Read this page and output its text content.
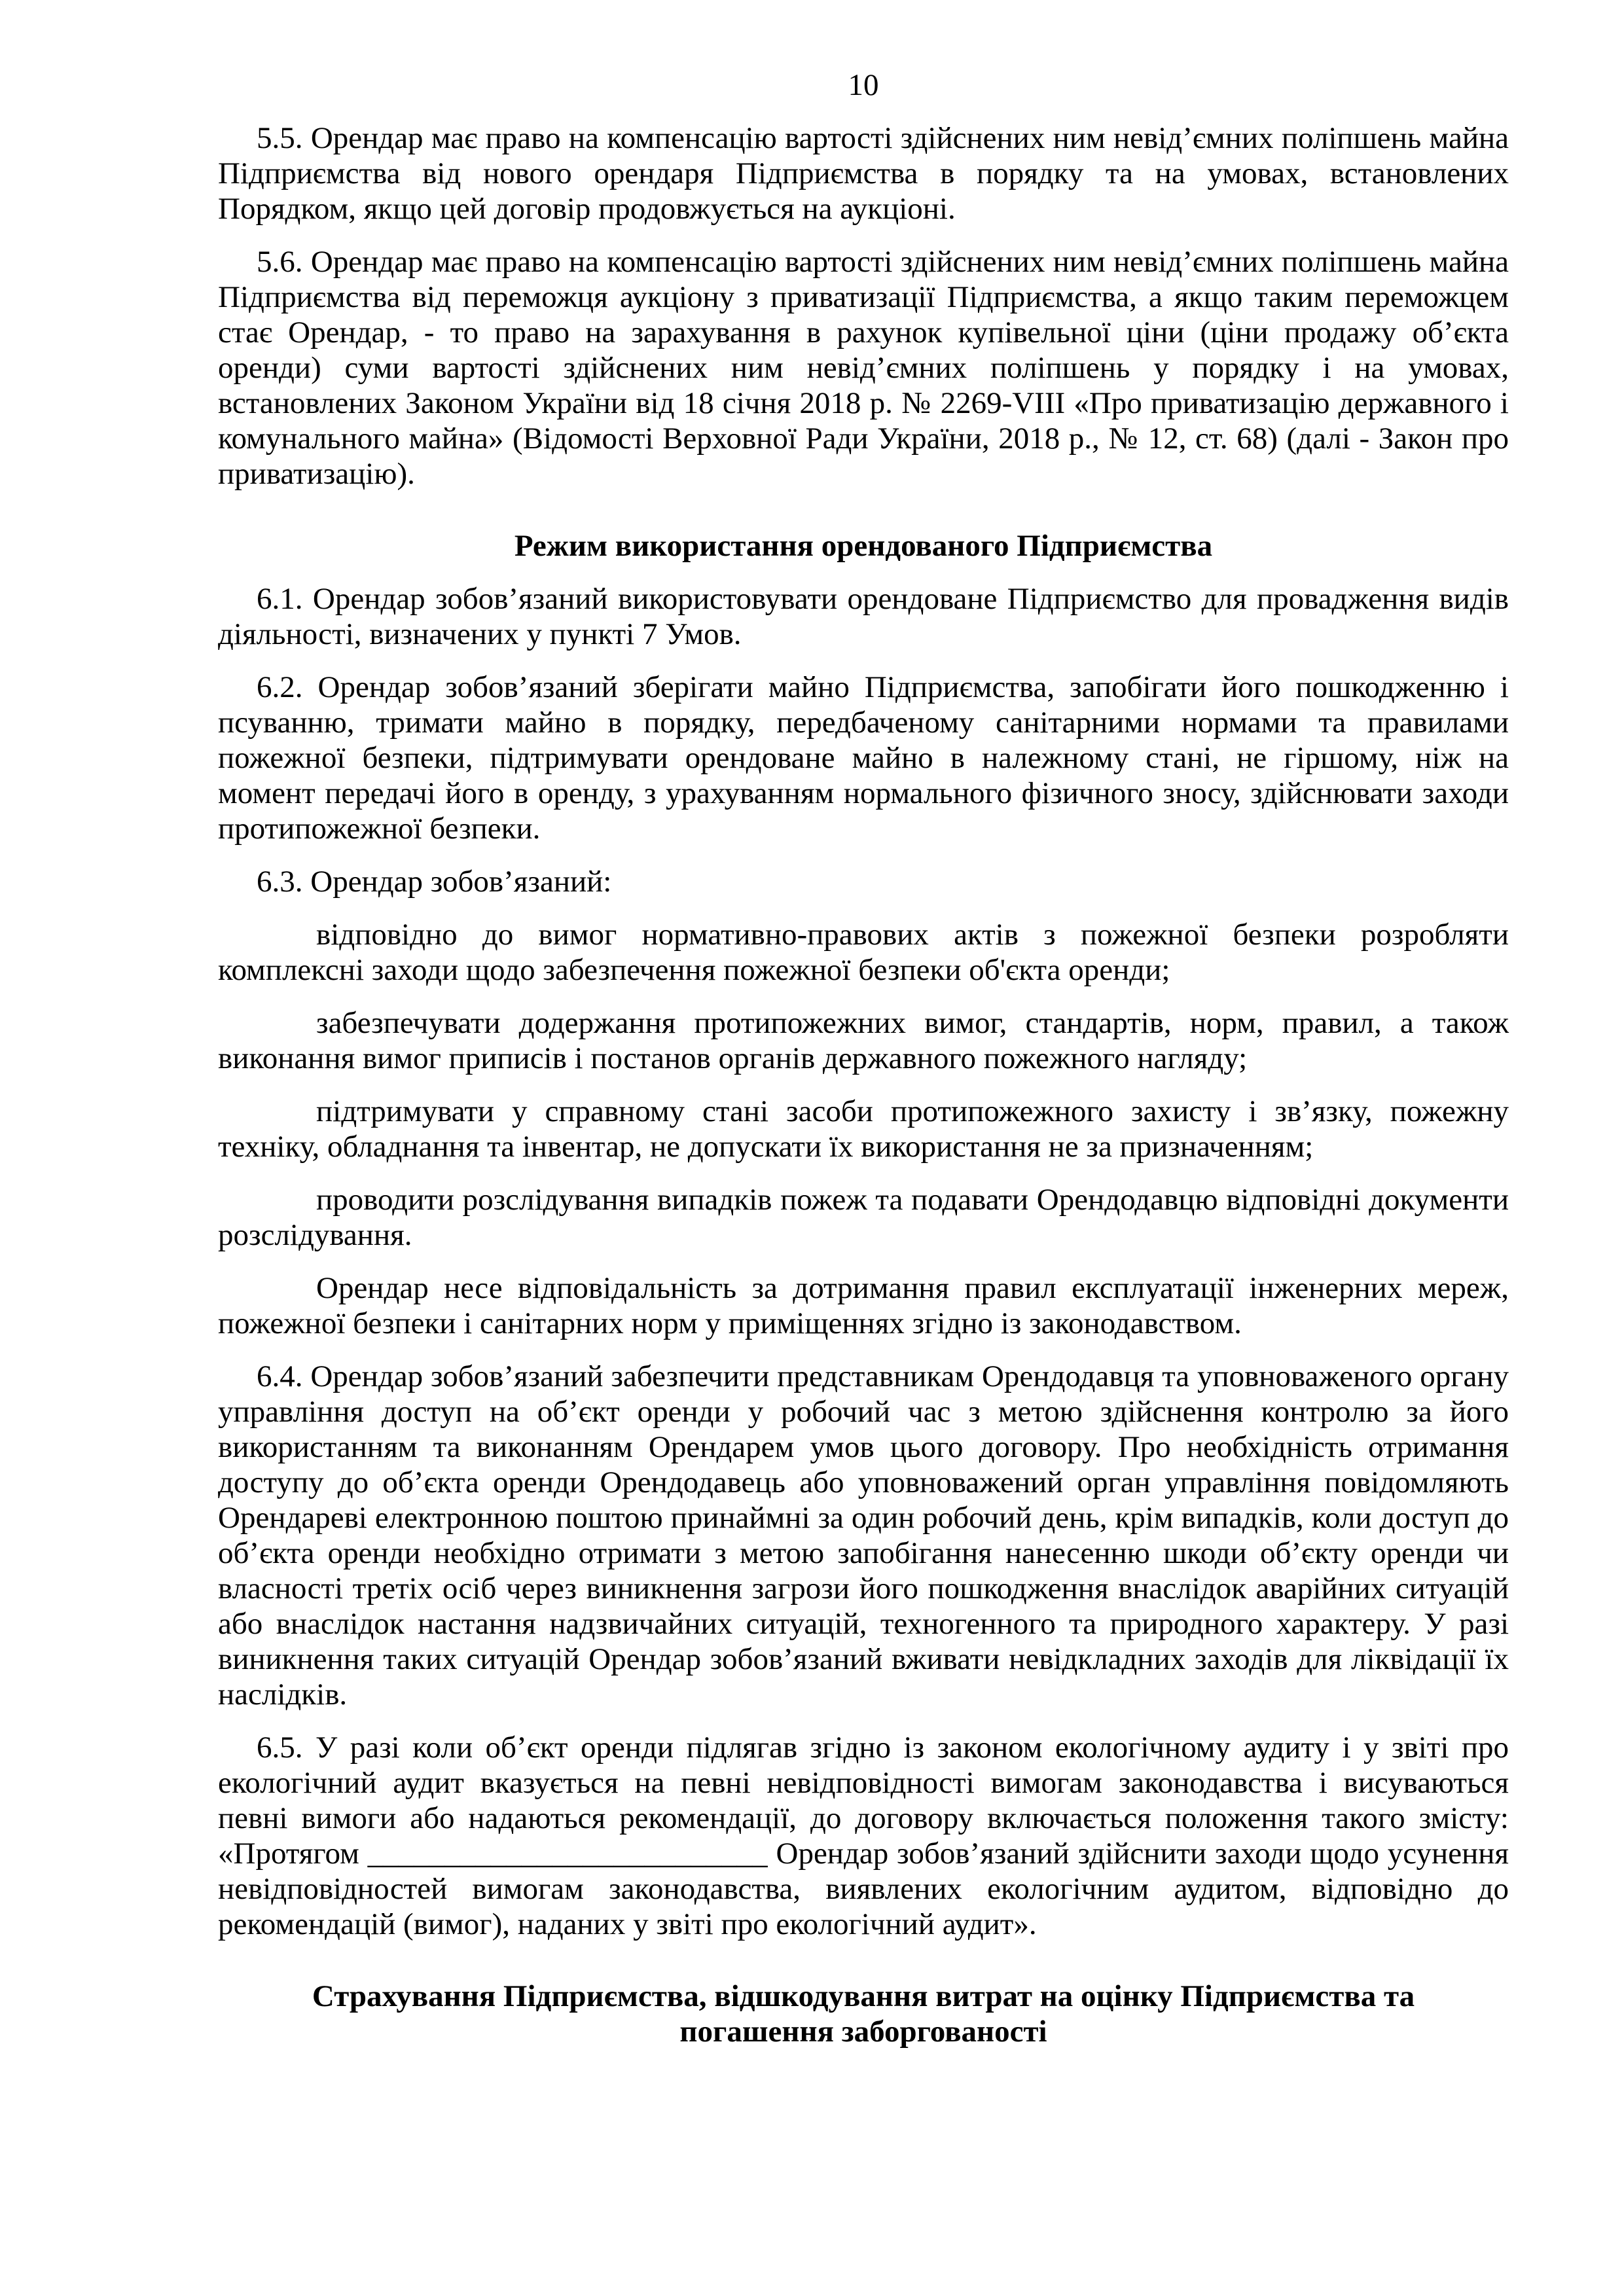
10

5.5. Орендар має право на компенсацію вартості здійснених ним невід’ємних поліпшень майна Підприємства від нового орендаря Підприємства в порядку та на умовах, встановлених Порядком, якщо цей договір продовжується на аукціоні.

5.6. Орендар має право на компенсацію вартості здійснених ним невід’ємних поліпшень майна Підприємства від переможця аукціону з приватизації Підприємства, а якщо таким переможцем стає Орендар, - то право на зарахування в рахунок купівельної ціни (ціни продажу об’єкта оренди) суми вартості здійснених ним невід’ємних поліпшень у порядку і на умовах, встановлених Законом України від 18 січня 2018 р. № 2269-VIII «Про приватизацію державного і комунального майна» (Відомості Верховної Ради України, 2018 р., № 12, ст. 68) (далі - Закон про приватизацію).

Режим використання орендованого Підприємства

6.1. Орендар зобов’язаний використовувати орендоване Підприємство для провадження видів діяльності, визначених у пункті 7 Умов.

6.2. Орендар зобов’язаний зберігати майно Підприємства, запобігати його пошкодженню і псуванню, тримати майно в порядку, передбаченому санітарними нормами та правилами пожежної безпеки, підтримувати орендоване майно в належному стані, не гіршому, ніж на момент передачі його в оренду, з урахуванням нормального фізичного зносу, здійснювати заходи протипожежної безпеки.

6.3. Орендар зобов’язаний:

відповідно до вимог нормативно-правових актів з пожежної безпеки розробляти комплексні заходи щодо забезпечення пожежної безпеки об'єкта оренди;

забезпечувати додержання протипожежних вимог, стандартів, норм, правил, а також виконання вимог приписів і постанов органів державного пожежного нагляду;

підтримувати у справному стані засоби протипожежного захисту і зв’язку, пожежну техніку, обладнання та інвентар, не допускати їх використання не за призначенням;

проводити розслідування випадків пожеж та подавати Орендодавцю відповідні документи розслідування.

Орендар несе відповідальність за дотримання правил експлуатації інженерних мереж, пожежної безпеки і санітарних норм у приміщеннях згідно із законодавством.

6.4. Орендар зобов’язаний забезпечити представникам Орендодавця та уповноваженого органу управління доступ на об’єкт оренди у робочий час з метою здійснення контролю за його використанням та виконанням Орендарем умов цього договору. Про необхідність отримання доступу до об’єкта оренди Орендодавець або уповноважений орган управління повідомляють Орендареві електронною поштою принаймні за один робочий день, крім випадків, коли доступ до об’єкта оренди необхідно отримати з метою запобігання нанесенню шкоди об’єкту оренди чи власності третіх осіб через виникнення загрози його пошкодження внаслідок аварійних ситуацій або внаслідок настання надзвичайних ситуацій, техногенного та природного характеру. У разі виникнення таких ситуацій Орендар зобов’язаний вживати невідкладних заходів для ліквідації їх наслідків.

6.5. У разі коли об’єкт оренди підлягав згідно із законом екологічному аудиту і у звіті про екологічний аудит вказується на певні невідповідності вимогам законодавства і висуваються певні вимоги або надаються рекомендації, до договору включається положення такого змісту: «Протягом __________________________ Орендар зобов’язаний здійснити заходи щодо усунення невідповідностей вимогам законодавства, виявлених екологічним аудитом, відповідно до рекомендацій (вимог), наданих у звіті про екологічний аудит».

Страхування Підприємства, відшкодування витрат на оцінку Підприємства та
погашення заборгованості
